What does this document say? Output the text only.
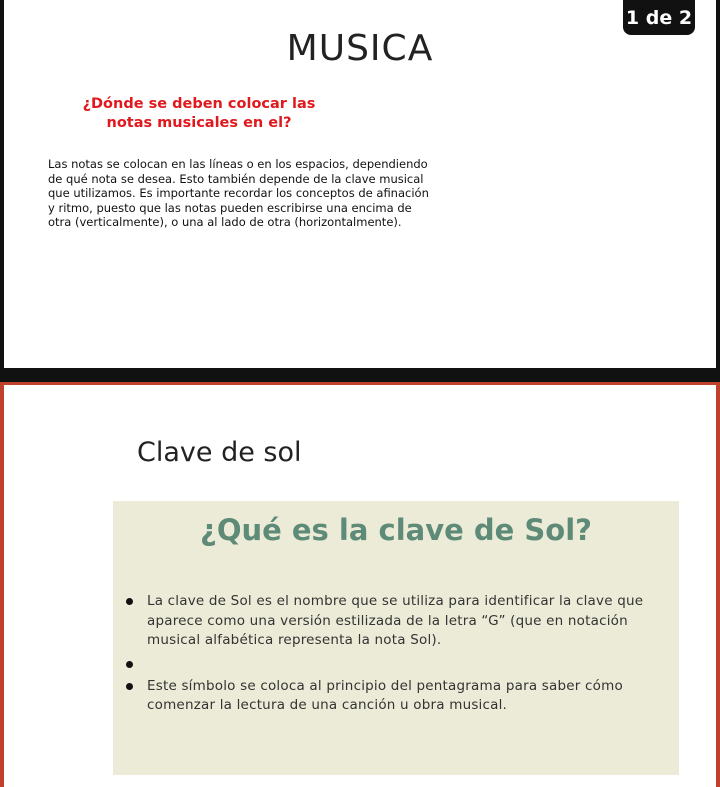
MUSICA
¿Dónde se deben colocar las notas musicales en el?
Las notas se colocan en las líneas o en los espacios, dependiendo de qué nota se desea. Esto también depende de la clave musical que utilizamos. Es importante recordar los conceptos de afinación y ritmo, puesto que las notas pueden escribirse una encima de otra (verticalmente), o una al lado de otra (horizontalmente).
Clave de sol
¿Qué es la clave de Sol?
La clave de Sol es el nombre que se utiliza para identificar la clave que aparece como una versión estilizada de la letra “G” (que en notación musical alfabética representa la nota Sol).
Este símbolo se coloca al principio del pentagrama para saber cómo comenzar la lectura de una canción u obra musical.
1 de 2
